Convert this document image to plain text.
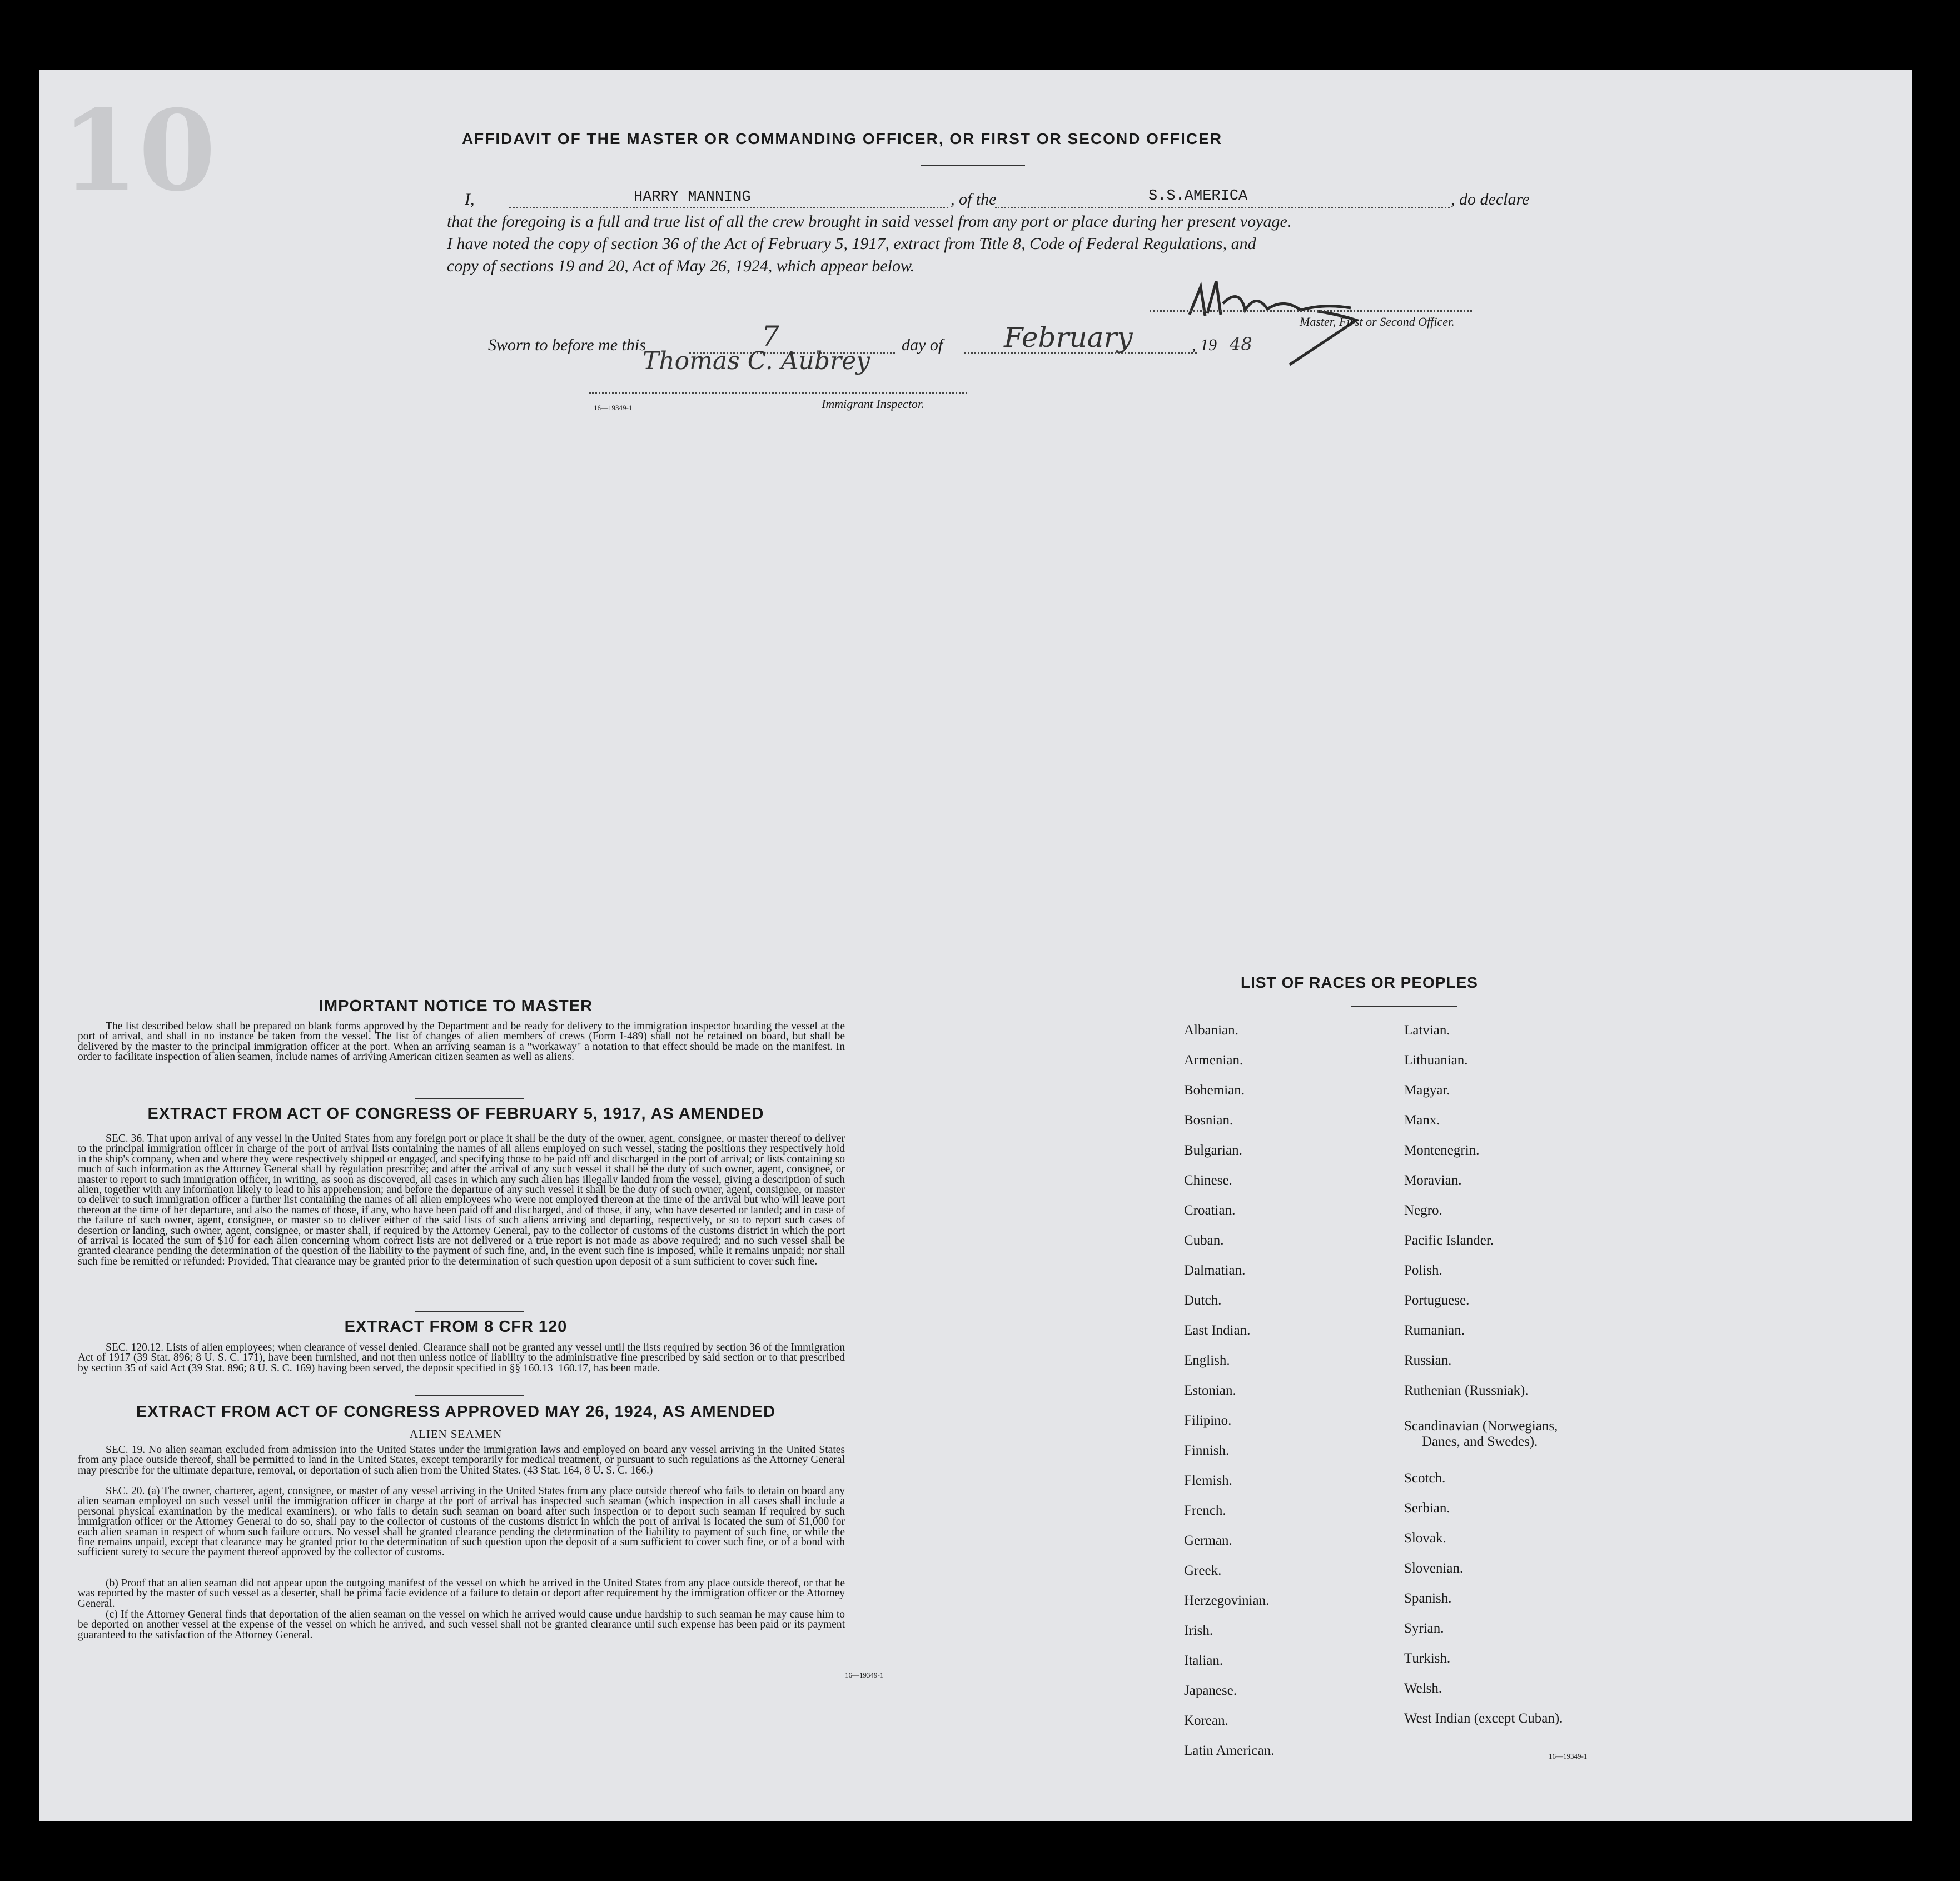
10	AFFIDAVIT OF THE MASTER OR COMMANDING OFFICER, OR FIRST OR SECOND OFFICER
I,	HARRY MANNING	, of the	S.S.AMERICA	, do declare
that the foregoing is a full and true list of all the crew brought in said vessel from any port or place during her present voyage.
I have noted the copy of section 36 of the Act of February 5, 1917, extract from Title 8, Code of Federal Regulations, and
copy of sections 19 and 20, Act of May 26, 1924, which appear below.
Master, First or Second Officer.
Sworn to before me this	7	day of February	, 19 48
Thomas C. Aubrey
16—19349-1	Immigrant Inspector.
IMPORTANT NOTICE TO MASTER
The list described below shall be prepared on blank forms approved by the Department and be ready for delivery to the immigration inspector boarding the vessel at the port of arrival, and shall in no instance be taken from the vessel. The list of changes of alien members of crews (Form I-489) shall not be retained on board, but shall be delivered by the master to the principal immigration officer at the port. When an arriving seaman is a "workaway" a notation to that effect should be made on the manifest. In order to facilitate inspection of alien seamen, include names of arriving American citizen seamen as well as aliens.
EXTRACT FROM ACT OF CONGRESS OF FEBRUARY 5, 1917, AS AMENDED
SEC. 36. That upon arrival of any vessel in the United States from any foreign port or place it shall be the duty of the owner, agent, consignee, or master thereof to deliver to the principal immigration officer in charge of the port of arrival lists containing the names of all aliens employed on such vessel, stating the positions they respectively hold in the ship's company, when and where they were respectively shipped or engaged, and specifying those to be paid off and discharged in the port of arrival; or lists containing so much of such information as the Attorney General shall by regulation prescribe; and after the arrival of any such vessel it shall be the duty of such owner, agent, consignee, or master to report to such immigration officer, in writing, as soon as discovered, all cases in which any such alien has illegally landed from the vessel, giving a description of such alien, together with any information likely to lead to his apprehension; and before the departure of any such vessel it shall be the duty of such owner, agent, consignee, or master to deliver to such immigration officer a further list containing the names of all alien employees who were not employed thereon at the time of the arrival but who will leave port thereon at the time of her departure, and also the names of those, if any, who have been paid off and discharged, and of those, if any, who have deserted or landed; and in case of the failure of such owner, agent, consignee, or master so to deliver either of the said lists of such aliens arriving and departing, respectively, or so to report such cases of desertion or landing, such owner, agent, consignee, or master shall, if required by the Attorney General, pay to the collector of customs of the customs district in which the port of arrival is located the sum of $10 for each alien concerning whom correct lists are not delivered or a true report is not made as above required; and no such vessel shall be granted clearance pending the determination of the question of the liability to the payment of such fine, and, in the event such fine is imposed, while it remains unpaid; nor shall such fine be remitted or refunded: Provided, That clearance may be granted prior to the determination of such question upon deposit of a sum sufficient to cover such fine.
EXTRACT FROM 8 CFR 120
SEC. 120.12. Lists of alien employees; when clearance of vessel denied. Clearance shall not be granted any vessel until the lists required by section 36 of the Immigration Act of 1917 (39 Stat. 896; 8 U. S. C. 171), have been furnished, and not then unless notice of liability to the administrative fine prescribed by said section or to that prescribed by section 35 of said Act (39 Stat. 896; 8 U. S. C. 169) having been served, the deposit specified in §§ 160.13–160.17, has been made.
EXTRACT FROM ACT OF CONGRESS APPROVED MAY 26, 1924, AS AMENDED
ALIEN SEAMEN
SEC. 19. No alien seaman excluded from admission into the United States under the immigration laws and employed on board any vessel arriving in the United States from any place outside thereof, shall be permitted to land in the United States, except temporarily for medical treatment, or pursuant to such regulations as the Attorney General may prescribe for the ultimate departure, removal, or deportation of such alien from the United States. (43 Stat. 164, 8 U. S. C. 166.)
SEC. 20. (a) The owner, charterer, agent, consignee, or master of any vessel arriving in the United States from any place outside thereof who fails to detain on board any alien seaman employed on such vessel until the immigration officer in charge at the port of arrival has inspected such seaman (which inspection in all cases shall include a personal physical examination by the medical examiners), or who fails to detain such seaman on board after such inspection or to deport such seaman if required by such immigration officer or the Attorney General to do so, shall pay to the collector of customs of the customs district in which the port of arrival is located the sum of $1,000 for each alien seaman in respect of whom such failure occurs. No vessel shall be granted clearance pending the determination of the liability to payment of such fine, or while the fine remains unpaid, except that clearance may be granted prior to the determination of such question upon the deposit of a sum sufficient to cover such fine, or of a bond with sufficient surety to secure the payment thereof approved by the collector of customs.
(b) Proof that an alien seaman did not appear upon the outgoing manifest of the vessel on which he arrived in the United States from any place outside thereof, or that he was reported by the master of such vessel as a deserter, shall be prima facie evidence of a failure to detain or deport after requirement by the immigration officer or the Attorney General.
(c) If the Attorney General finds that deportation of the alien seaman on the vessel on which he arrived would cause undue hardship to such seaman he may cause him to be deported on another vessel at the expense of the vessel on which he arrived, and such vessel shall not be granted clearance until such expense has been paid or its payment guaranteed to the satisfaction of the Attorney General.
16—19349-1
LIST OF RACES OR PEOPLES
Albanian.
Armenian.
Bohemian.
Bosnian.
Bulgarian.
Chinese.
Croatian.
Cuban.
Dalmatian.
Dutch.
East Indian.
English.
Estonian.
Filipino.
Finnish.
Flemish.
French.
German.
Greek.
Herzegovinian.
Irish.
Italian.
Japanese.
Korean.
Latin American.
Latvian.
Lithuanian.
Magyar.
Manx.
Montenegrin.
Moravian.
Negro.
Pacific Islander.
Polish.
Portuguese.
Rumanian.
Russian.
Ruthenian (Russniak).
Scandinavian (Norwegians,
Danes, and Swedes).
Scotch.
Serbian.
Slovak.
Slovenian.
Spanish.
Syrian.
Turkish.
Welsh.
West Indian (except Cuban).
16—19349-1
